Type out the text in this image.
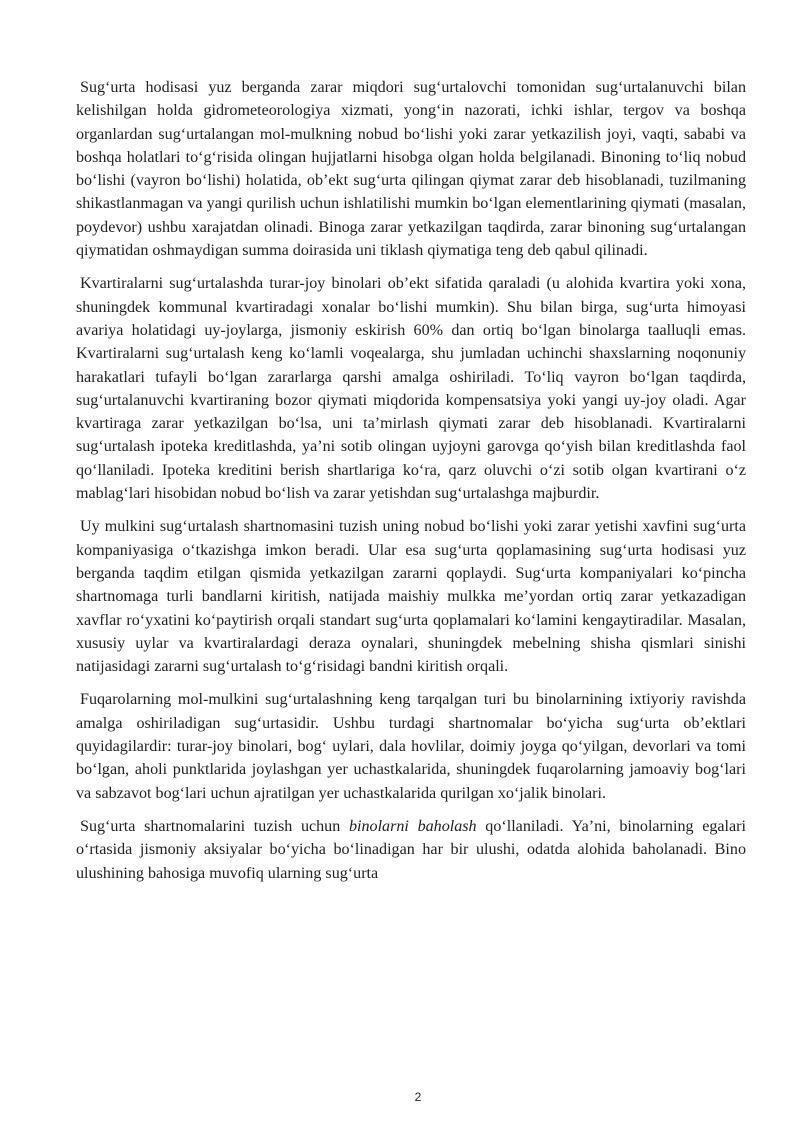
Sug‘urta hodisasi yuz berganda zarar miqdori sug‘urtalovchi tomonidan sug‘urtalanuvchi bilan kelishilgan holda gidrometeorologiya xizmati, yong‘in nazorati, ichki ishlar, tergov va boshqa organlardan sug‘urtalangan mol-mulkning nobud bo‘lishi yoki zarar yetkazilish joyi, vaqti, sababi va boshqa holatlari to‘g‘risida olingan hujjatlarni hisobga olgan holda belgilanadi. Binoning to‘liq nobud bo‘lishi (vayron bo‘lishi) holatida, ob’ekt sug‘urta qilingan qiymat zarar deb hisoblanadi, tuzilmaning shikastlanmagan va yangi qurilish uchun ishlatilishi mumkin bo‘lgan elementlarining qiymati (masalan, poydevor) ushbu xarajatdan olinadi. Binoga zarar yetkazilgan taqdirda, zarar binoning sug‘urtalangan qiymatidan oshmaydigan summa doirasida uni tiklash qiymatiga teng deb qabul qilinadi.

Kvartiralarni sug‘urtalashda turar-joy binolari ob’ekt sifatida qaraladi (u alohida kvartira yoki xona, shuningdek kommunal kvartiradagi xonalar bo‘lishi mumkin). Shu bilan birga, sug‘urta himoyasi avariya holatidagi uy-joylarga, jismoniy eskirish 60% dan ortiq bo‘lgan binolarga taalluqli emas. Kvartiralarni sug‘urtalash keng ko‘lamli voqealarga, shu jumladan uchinchi shaxslarning noqonuniy harakatlari tufayli bo‘lgan zararlarga qarshi amalga oshiriladi. To‘liq vayron bo‘lgan taqdirda, sug‘urtalanuvchi kvartiraning bozor qiymati miqdorida kompensatsiya yoki yangi uy-joy oladi. Agar kvartiraga zarar yetkazilgan bo‘lsa, uni ta’mirlash qiymati zarar deb hisoblanadi. Kvartiralarni sug‘urtalash ipoteka kreditlashda, ya’ni sotib olingan uyjoyni garovga qo‘yish bilan kreditlashda faol qo‘llaniladi. Ipoteka kreditini berish shartlariga ko‘ra, qarz oluvchi o‘zi sotib olgan kvartirani o‘z mablag‘lari hisobidan nobud bo‘lish va zarar yetishdan sug‘urtalashga majburdir.

Uy mulkini sug‘urtalash shartnomasini tuzish uning nobud bo‘lishi yoki zarar yetishi xavfini sug‘urta kompaniyasiga o‘tkazishga imkon beradi. Ular esa sug‘urta qoplamasining sug‘urta hodisasi yuz berganda taqdim etilgan qismida yetkazilgan zararni qoplaydi. Sug‘urta kompaniyalari ko‘pincha shartnomaga turli bandlarni kiritish, natijada maishiy mulkka me’yordan ortiq zarar yetkazadigan xavflar ro‘yxatini ko‘paytirish orqali standart sug‘urta qoplamalari ko‘lamini kengaytiradilar. Masalan, xususiy uylar va kvartiralardagi deraza oynalari, shuningdek mebelning shisha qismlari sinishi natijasidagi zararni sug‘urtalash to‘g‘risidagi bandni kiritish orqali.

Fuqarolarning mol-mulkini sug‘urtalashning keng tarqalgan turi bu binolarnining ixtiyoriy ravishda amalga oshiriladigan sug‘urtasidir. Ushbu turdagi shartnomalar bo‘yicha sug‘urta ob’ektlari quyidagilardir: turar-joy binolari, bog‘ uylari, dala hovlilar, doimiy joyga qo‘yilgan, devorlari va tomi bo‘lgan, aholi punktlarida joylashgan yer uchastkalarida, shuningdek fuqarolarning jamoaviy bog‘lari va sabzavot bog‘lari uchun ajratilgan yer uchastkalarida qurilgan xo‘jalik binolari.

Sug‘urta shartnomalarini tuzish uchun binolarni baholash qo‘llaniladi. Ya’ni, binolarning egalari o‘rtasida jismoniy aksiyalar bo‘yicha bo‘linadigan har bir ulushi, odatda alohida baholanadi. Bino ulushining bahosiga muvofiq ularning sug‘urta

2
